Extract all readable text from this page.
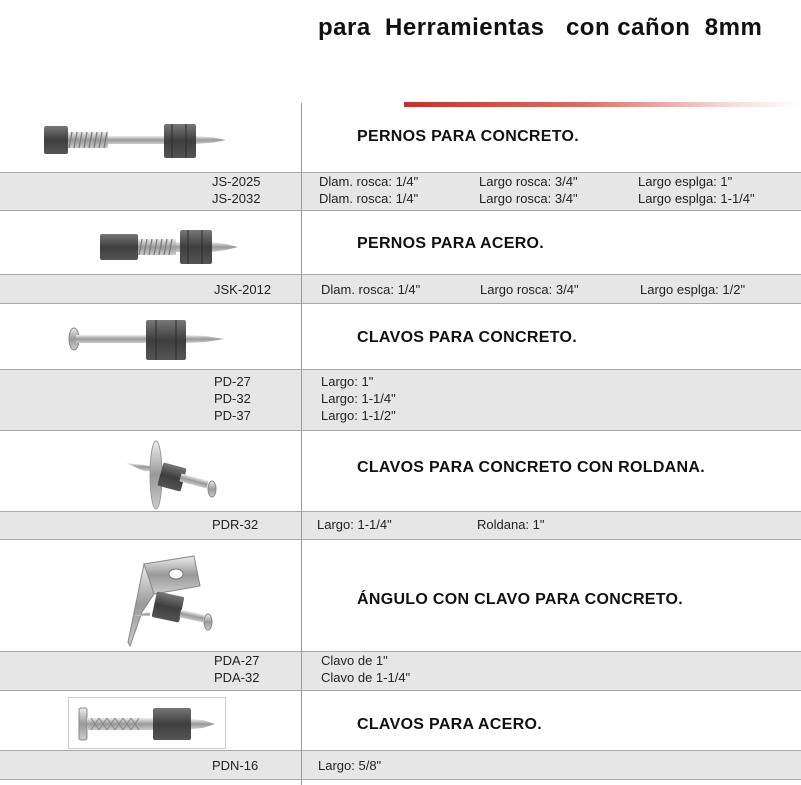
para  Herramientas   con cañon  8mm
PERNOS PARA CONCRETO.
JS-2025	Dlam. rosca: 1/4"	Largo rosca: 3/4"	Largo esplga: 1"
JS-2032	Dlam. rosca: 1/4"	Largo rosca: 3/4"	Largo esplga: 1-1/4"
PERNOS PARA ACERO.
JSK-2012	Dlam. rosca: 1/4"	Largo rosca: 3/4"	Largo esplga: 1/2"
CLAVOS PARA CONCRETO.
PD-27	Largo: 1"
PD-32	Largo: 1-1/4"
PD-37	Largo: 1-1/2"
CLAVOS PARA CONCRETO CON ROLDANA.
PDR-32	Largo: 1-1/4"	Roldana: 1"
ÁNGULO CON CLAVO PARA CONCRETO.
PDA-27	Clavo de 1"
PDA-32	Clavo de 1-1/4"
CLAVOS PARA ACERO.
PDN-16	Largo: 5/8"
